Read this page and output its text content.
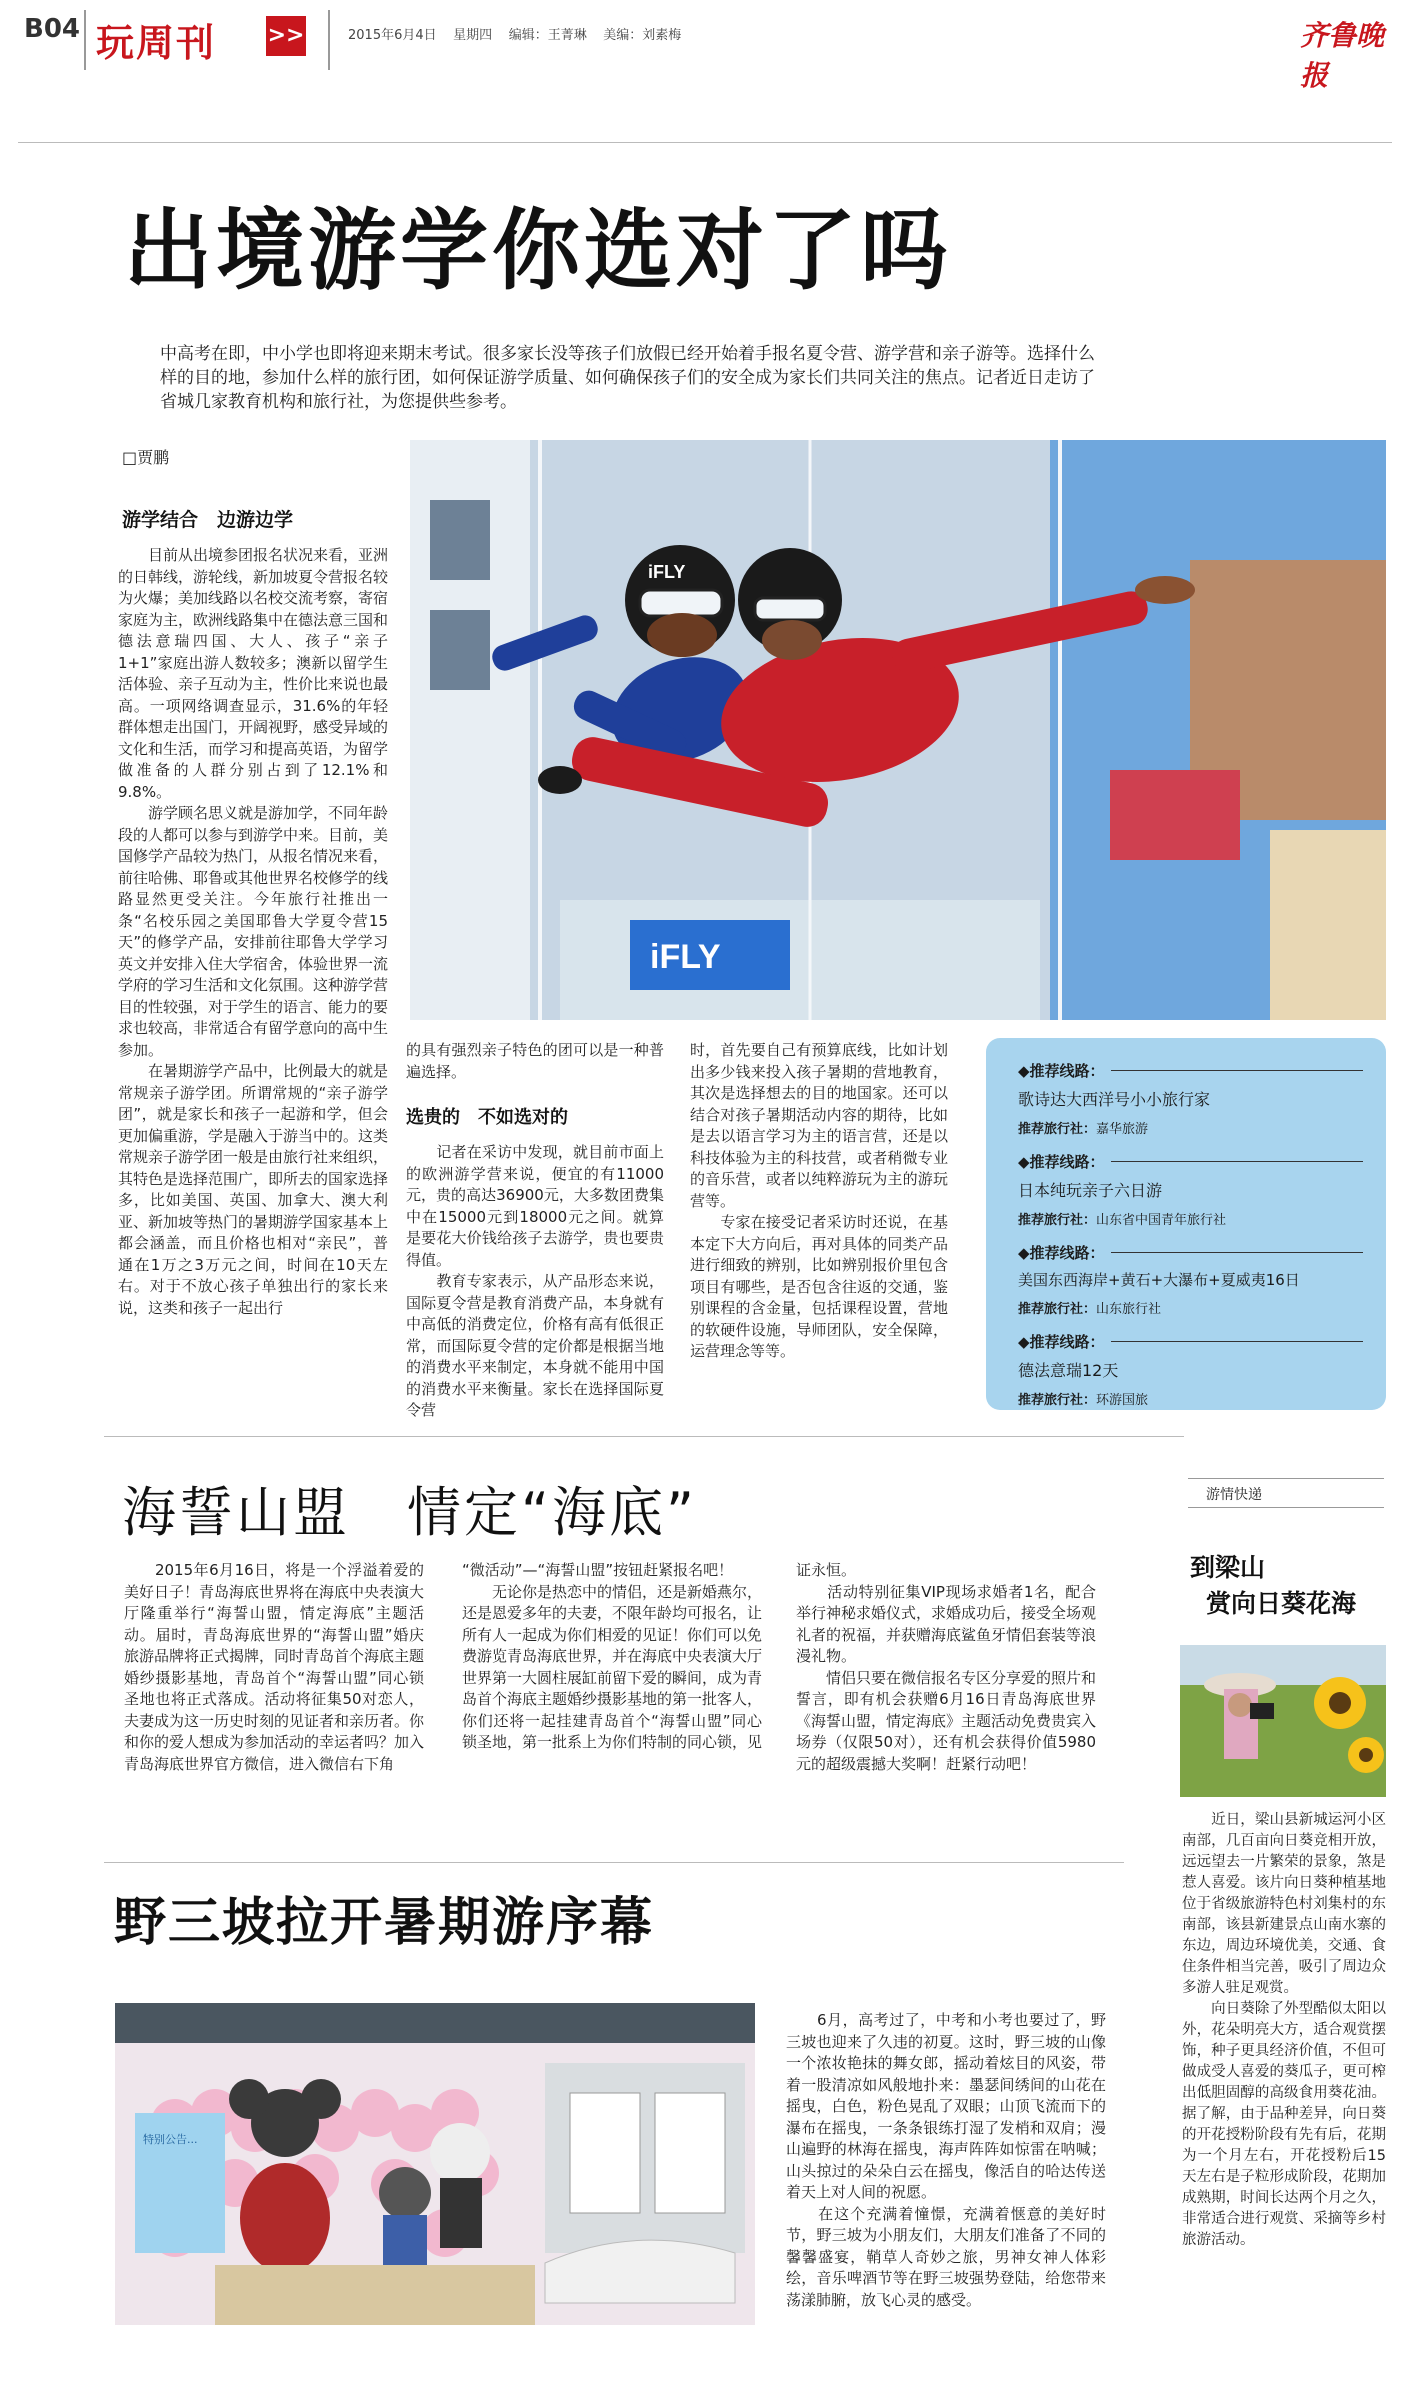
B04 玩周刊 >>	2015年6月4日 星期四 编辑：王菁琳 美编：刘素梅	齐鲁晚报
出境游学你选对了吗
中高考在即，中小学也即将迎来期末考试。很多家长没等孩子们放假已经开始着手报名夏令营、游学营和亲子游等。选择什么样的目的地，参加什么样的旅行团，如何保证游学质量、如何确保孩子们的安全成为家长们共同关注的焦点。记者近日走访了省城几家教育机构和旅行社，为您提供些参考。
□贾鹏
游学结合　边游边学
　　目前从出境参团报名状况来看，亚洲的日韩线，游轮线，新加坡夏令营报名较为火爆；美加线路以名校交流考察，寄宿家庭为主，欧洲线路集中在德法意三国和德法意瑞四国、大人、孩子“亲子1+1”家庭出游人数较多；澳新以留学生活体验、亲子互动为主，性价比来说也最高。一项网络调查显示，31.6%的年轻群体想走出国门，开阔视野，感受异域的文化和生活，而学习和提高英语，为留学做准备的人群分别占到了12.1%和9.8%。
　　游学顾名思义就是游加学，不同年龄段的人都可以参与到游学中来。目前，美国修学产品较为热门，从报名情况来看，前往哈佛、耶鲁或其他世界名校修学的线路显然更受关注。今年旅行社推出一条“名校乐园之美国耶鲁大学夏令营15天”的修学产品，安排前往耶鲁大学学习英文并安排入住大学宿舍，体验世界一流学府的学习生活和文化氛围。这种游学营目的性较强，对于学生的语言、能力的要求也较高，非常适合有留学意向的高中生参加。
　　在暑期游学产品中，比例最大的就是常规亲子游学团。所谓常规的“亲子游学团”，就是家长和孩子一起游和学，但会更加偏重游，学是融入于游当中的。这类常规亲子游学团一般是由旅行社来组织，其特色是选择范围广，即所去的国家选择多，比如美国、英国、加拿大、澳大利亚、新加坡等热门的暑期游学国家基本上都会涵盖，而且价格也相对“亲民”，普通在1万之3万元之间，时间在10天左右。对于不放心孩子单独出行的家长来说，这类和孩子一起出行
iFLY
iFLY
的具有强烈亲子特色的团可以是一种普遍选择。
选贵的　不如选对的
　　记者在采访中发现，就目前市面上的欧洲游学营来说，便宜的有11000元，贵的高达36900元，大多数团费集中在15000元到18000元之间。就算是要花大价钱给孩子去游学，贵也要贵得值。
　　教育专家表示，从产品形态来说，国际夏令营是教育消费产品，本身就有中高低的消费定位，价格有高有低很正常，而国际夏令营的定价都是根据当地的消费水平来制定，本身就不能用中国的消费水平来衡量。家长在选择国际夏令营
时，首先要自己有预算底线，比如计划出多少钱来投入孩子暑期的营地教育，其次是选择想去的目的地国家。还可以结合对孩子暑期活动内容的期待，比如是去以语言学习为主的语言营，还是以科技体验为主的科技营，或者稍微专业的音乐营，或者以纯粹游玩为主的游玩营等。
　　专家在接受记者采访时还说，在基本定下大方向后，再对具体的同类产品进行细致的辨别，比如辨别报价里包含项目有哪些，是否包含往返的交通，鉴别课程的含金量，包括课程设置，营地的软硬件设施，导师团队，安全保障，运营理念等等。
◆推荐线路：
歌诗达大西洋号小小旅行家
推荐旅行社：嘉华旅游
◆推荐线路：
日本纯玩亲子六日游
推荐旅行社：山东省中国青年旅行社
◆推荐线路：
美国东西海岸+黄石+大瀑布+夏威夷16日
推荐旅行社：山东旅行社
◆推荐线路：
德法意瑞12天
推荐旅行社：环游国旅
海誓山盟　情定“海底”
　　2015年6月16日，将是一个浮溢着爱的美好日子！青岛海底世界将在海底中央表演大厅隆重举行“海誓山盟，情定海底”主题活动。届时，青岛海底世界的“海誓山盟”婚庆旅游品牌将正式揭牌，同时青岛首个海底主题婚纱摄影基地，青岛首个“海誓山盟”同心锁圣地也将正式落成。活动将征集50对恋人，夫妻成为这一历史时刻的见证者和亲历者。你和你的爱人想成为参加活动的幸运者吗？加入青岛海底世界官方微信，进入微信右下角
“微活动”—“海誓山盟”按钮赶紧报名吧！
　　无论你是热恋中的情侣，还是新婚燕尔，还是恩爱多年的夫妻，不限年龄均可报名，让所有人一起成为你们相爱的见证！你们可以免费游览青岛海底世界，并在海底中央表演大厅世界第一大圆柱展缸前留下爱的瞬间，成为青岛首个海底主题婚纱摄影基地的第一批客人，你们还将一起挂建青岛首个“海誓山盟”同心锁圣地，第一批系上为你们特制的同心锁，见
证永恒。
　　活动特别征集VIP现场求婚者1名，配合举行神秘求婚仪式，求婚成功后，接受全场观礼者的祝福，并获赠海底鲨鱼牙情侣套装等浪漫礼物。
　　情侣只要在微信报名专区分享爱的照片和誓言，即有机会获赠6月16日青岛海底世界《海誓山盟，情定海底》主题活动免费贵宾入场券（仅限50对），还有机会获得价值5980元的超级震撼大奖啊！赶紧行动吧！
游情快递
到梁山
赏向日葵花海
　　近日，梁山县新城运河小区南部，几百亩向日葵竞相开放，远远望去一片繁荣的景象，煞是惹人喜爱。该片向日葵种植基地位于省级旅游特色村刘集村的东南部，该县新建景点山南水寨的东边，周边环境优美，交通、食住条件相当完善，吸引了周边众多游人驻足观赏。
　　向日葵除了外型酷似太阳以外，花朵明亮大方，适合观赏摆饰，种子更具经济价值，不但可做成受人喜爱的葵瓜子，更可榨出低胆固醇的高级食用葵花油。据了解，由于品种差异，向日葵的开花授粉阶段有先有后，花期为一个月左右，开花授粉后15天左右是子粒形成阶段，花期加成熟期，时间长达两个月之久，非常适合进行观赏、采摘等乡村旅游活动。
野三坡拉开暑期游序幕
特别公告...
　　6月，高考过了，中考和小考也要过了，野三坡也迎来了久违的初夏。这时，野三坡的山像一个浓妆艳抹的舞女郎，摇动着炫目的风姿，带着一股清凉如风般地扑来：墨瑟间绣间的山花在摇曳，白色，粉色晃乱了双眼；山顶飞流而下的瀑布在摇曳，一条条银练打湿了发梢和双肩；漫山遍野的林海在摇曳，海声阵阵如惊雷在呐喊；山头掠过的朵朵白云在摇曳，像活自的哈达传送着天上对人间的祝愿。
　　在这个充满着憧憬，充满着惬意的美好时节，野三坡为小朋友们，大朋友们准备了不同的馨馨盛宴，鞘草人奇妙之旅，男神女神人体彩绘，音乐啤酒节等在野三坡强势登陆，给您带来荡漾肺腑，放飞心灵的感受。
